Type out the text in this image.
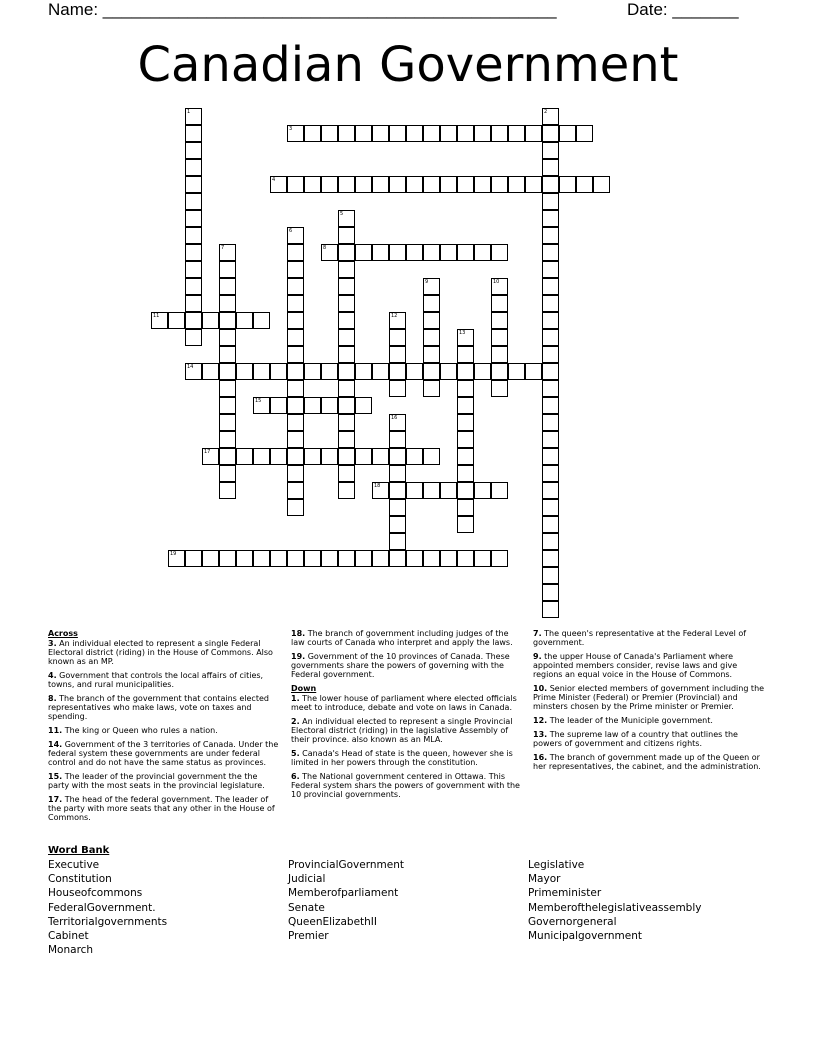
Name: ________________________________________________	Date: _______
Canadian Government
1	2
3
4
5
6
7	8
9	10
11	12
13
14
15
16
17
18
19
Across
3. An individual elected to represent a single Federal Electoral district (riding) in the House of Commons. Also known as an MP.
4. Government that controls the local affairs of cities, towns, and rural municipalities.
8. The branch of the government that contains elected representatives who make laws, vote on taxes and spending.
11. The king or Queen who rules a nation.
14. Government of the 3 territories of Canada. Under the federal system these governments are under federal control and do not have the same status as provinces.
15. The leader of the provincial government the the party with the most seats in the provincial legislature.
17. The head of the federal government. The leader of the party with more seats that any other in the House of Commons.
18. The branch of government including judges of the law courts of Canada who interpret and apply the laws.
19. Government of the 10 provinces of Canada. These governments share the powers of governing with the Federal government.
Down
1. The lower house of parliament where elected officials meet to introduce, debate and vote on laws in Canada.
2. An individual elected to represent a single Provincial Electoral district (riding) in the lagislative Assembly of their province. also known as an MLA.
5. Canada's Head of state is the queen, however she is limited in her powers through the constitution.
6. The National government centered in Ottawa. This Federal system shars the powers of government with the 10 provincial governments.
7. The queen's representative at the Federal Level of government.
9. the upper House of Canada's Parliament where appointed members consider, revise laws and give regions an equal voice in the House of Commons.
10. Senior elected members of government including the Prime Minister (Federal) or Premier (Provincial) and minsters chosen by the Prime minister or Premier.
12. The leader of the Municiple government.
13. The supreme law of a country that outlines the powers of government and citizens rights.
16. The branch of government made up of the Queen or her representatives, the cabinet, and the administration.
Word Bank
Executive
Constitution
Houseofcommons
FederalGovernment.
Territorialgovernments
Cabinet
Monarch
ProvincialGovernment
Judicial
Memberofparliament
Senate
QueenElizabethII
Premier
Legislative
Mayor
Primeminister
Memberofthelegislativeassembly
Governorgeneral
Municipalgovernment
